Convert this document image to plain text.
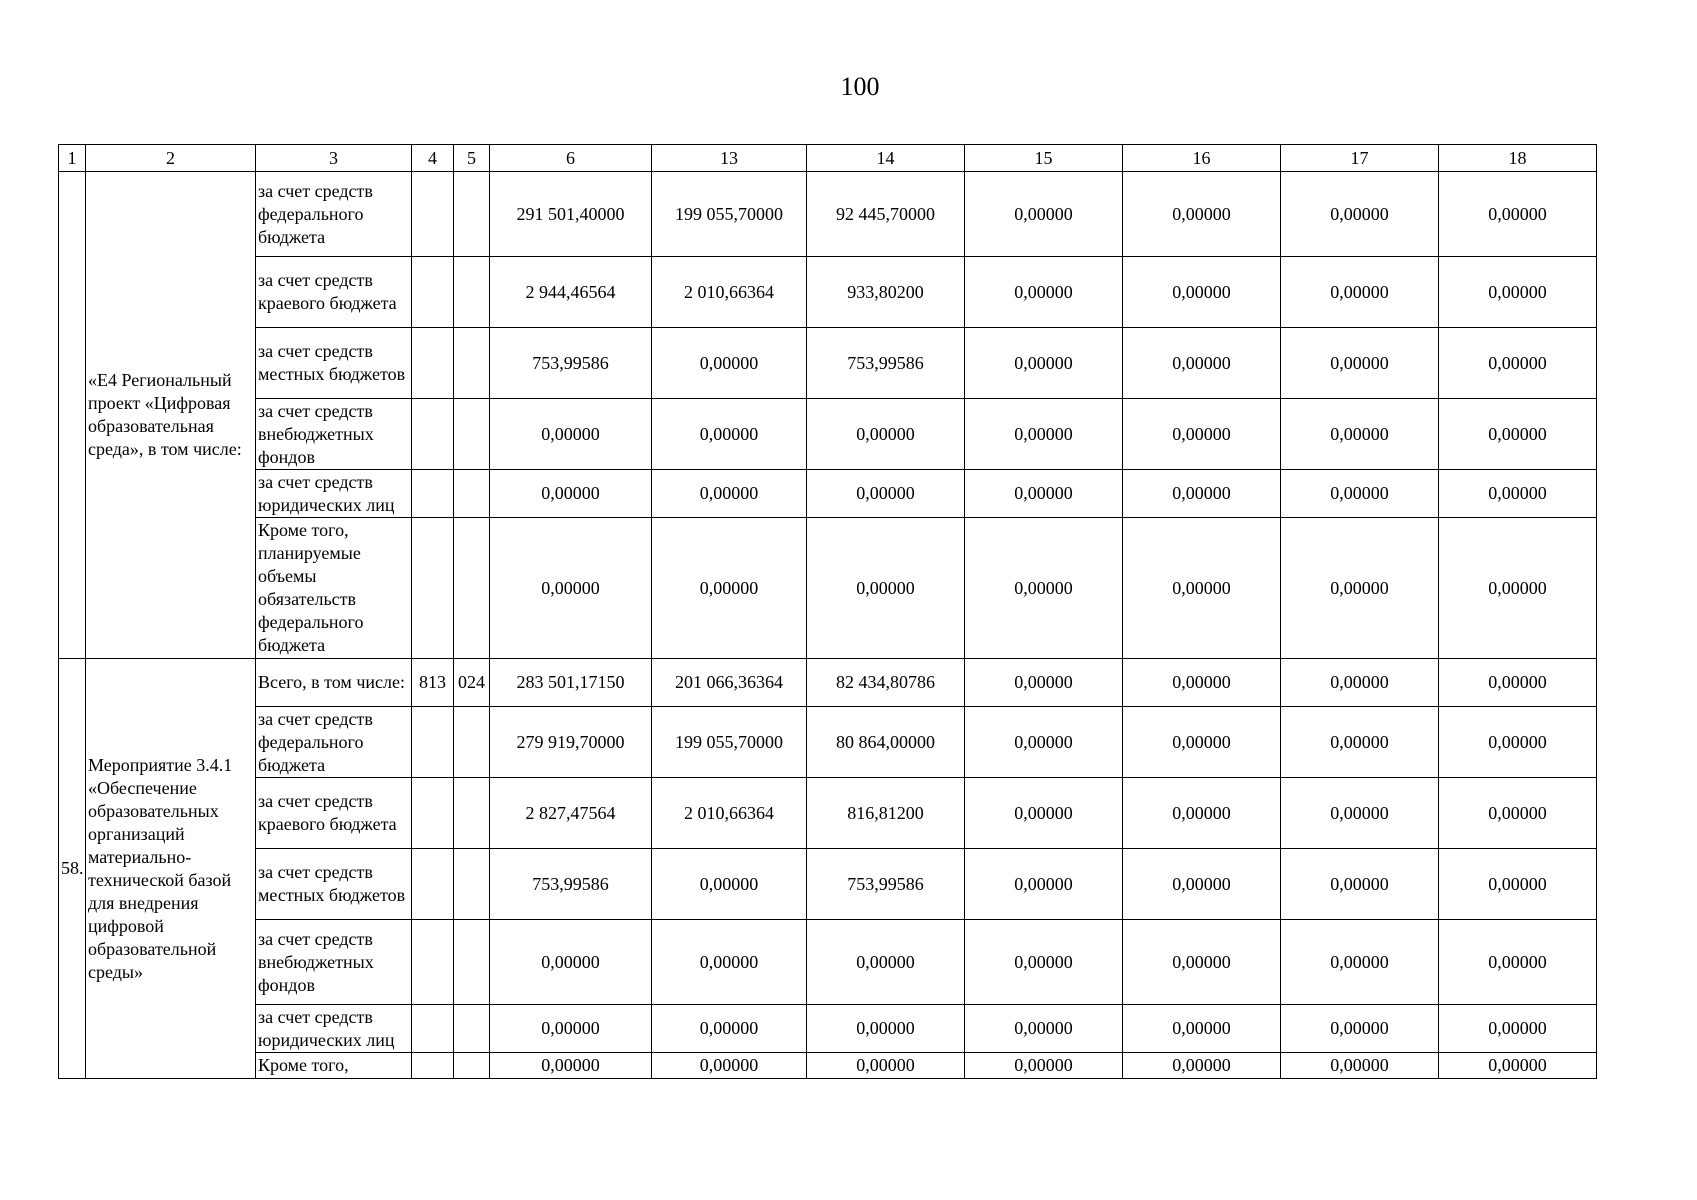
100
1	2	3	4	5	6	13	14	15	16	17	18
	«Е4 Региональный проект «Цифровая образовательная среда», в том числе:	за счет средств федерального бюджета			291 501,40000	199 055,70000	92 445,70000	0,00000	0,00000	0,00000	0,00000
		за счет средств краевого бюджета			2 944,46564	2 010,66364	933,80200	0,00000	0,00000	0,00000	0,00000
		за счет средств местных бюджетов			753,99586	0,00000	753,99586	0,00000	0,00000	0,00000	0,00000
		за счет средств внебюджетных фондов			0,00000	0,00000	0,00000	0,00000	0,00000	0,00000	0,00000
		за счет средств юридических лиц			0,00000	0,00000	0,00000	0,00000	0,00000	0,00000	0,00000
		Кроме того, планируемые объемы обязательств федерального бюджета			0,00000	0,00000	0,00000	0,00000	0,00000	0,00000	0,00000
58.	Мероприятие 3.4.1 «Обеспечение образовательных организаций материально-технической базой для внедрения цифровой образовательной среды»	Всего, в том числе:	813	024	283 501,17150	201 066,36364	82 434,80786	0,00000	0,00000	0,00000	0,00000
		за счет средств федерального бюджета			279 919,70000	199 055,70000	80 864,00000	0,00000	0,00000	0,00000	0,00000
		за счет средств краевого бюджета			2 827,47564	2 010,66364	816,81200	0,00000	0,00000	0,00000	0,00000
		за счет средств местных бюджетов			753,99586	0,00000	753,99586	0,00000	0,00000	0,00000	0,00000
		за счет средств внебюджетных фондов			0,00000	0,00000	0,00000	0,00000	0,00000	0,00000	0,00000
		за счет средств юридических лиц			0,00000	0,00000	0,00000	0,00000	0,00000	0,00000	0,00000
		Кроме того,			0,00000	0,00000	0,00000	0,00000	0,00000	0,00000	0,00000
